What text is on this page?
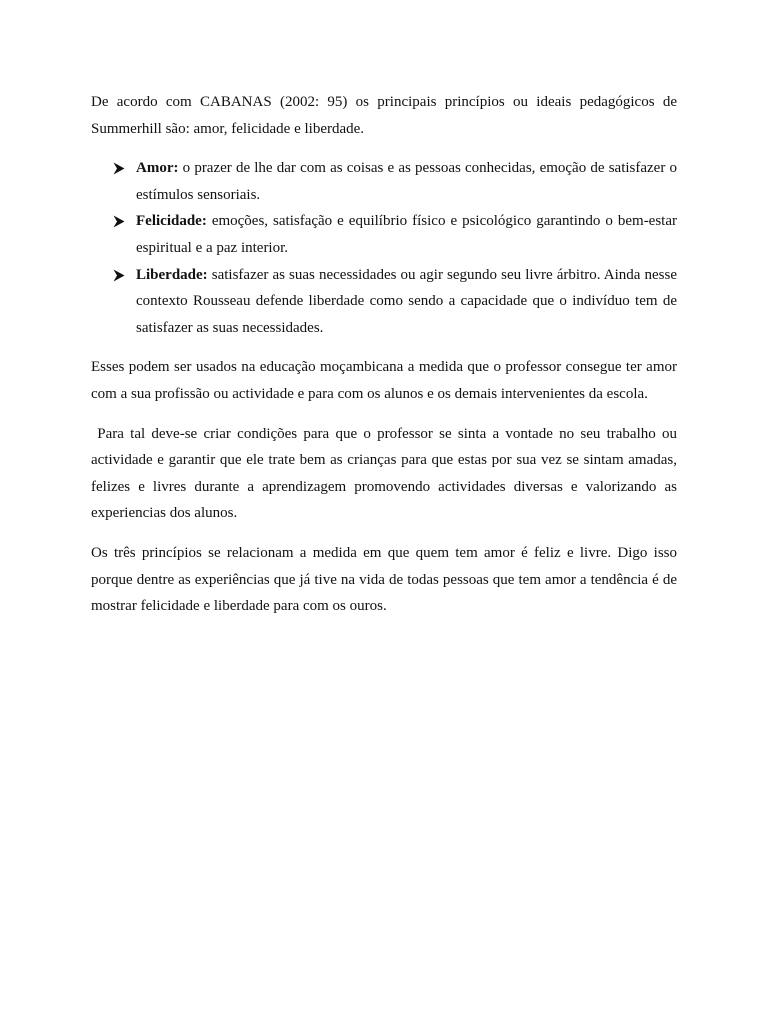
De acordo com CABANAS (2002: 95) os principais princípios ou ideais pedagógicos de Summerhill são: amor, felicidade e liberdade.

Amor: o prazer de lhe dar com as coisas e as pessoas conhecidas, emoção de satisfazer o estímulos sensoriais.
Felicidade: emoções, satisfação e equilíbrio físico e psicológico garantindo o bem-estar espiritual e a paz interior.
Liberdade: satisfazer as suas necessidades ou agir segundo seu livre árbitro. Ainda nesse contexto Rousseau defende liberdade como sendo a capacidade que o indivíduo tem de satisfazer as suas necessidades.

Esses podem ser usados na educação moçambicana a medida que o professor consegue ter amor com a sua profissão ou actividade e para com os alunos e os demais intervenientes da escola.

Para tal deve-se criar condições para que o professor se sinta a vontade no seu trabalho ou actividade e garantir que ele trate bem as crianças para que estas por sua vez se sintam amadas, felizes e livres durante a aprendizagem promovendo actividades diversas e valorizando as experiencias dos alunos.

Os três princípios se relacionam a medida em que quem tem amor é feliz e livre. Digo isso porque dentre as experiências que já tive na vida de todas pessoas que tem amor a tendência é de mostrar felicidade e liberdade para com os ouros.
